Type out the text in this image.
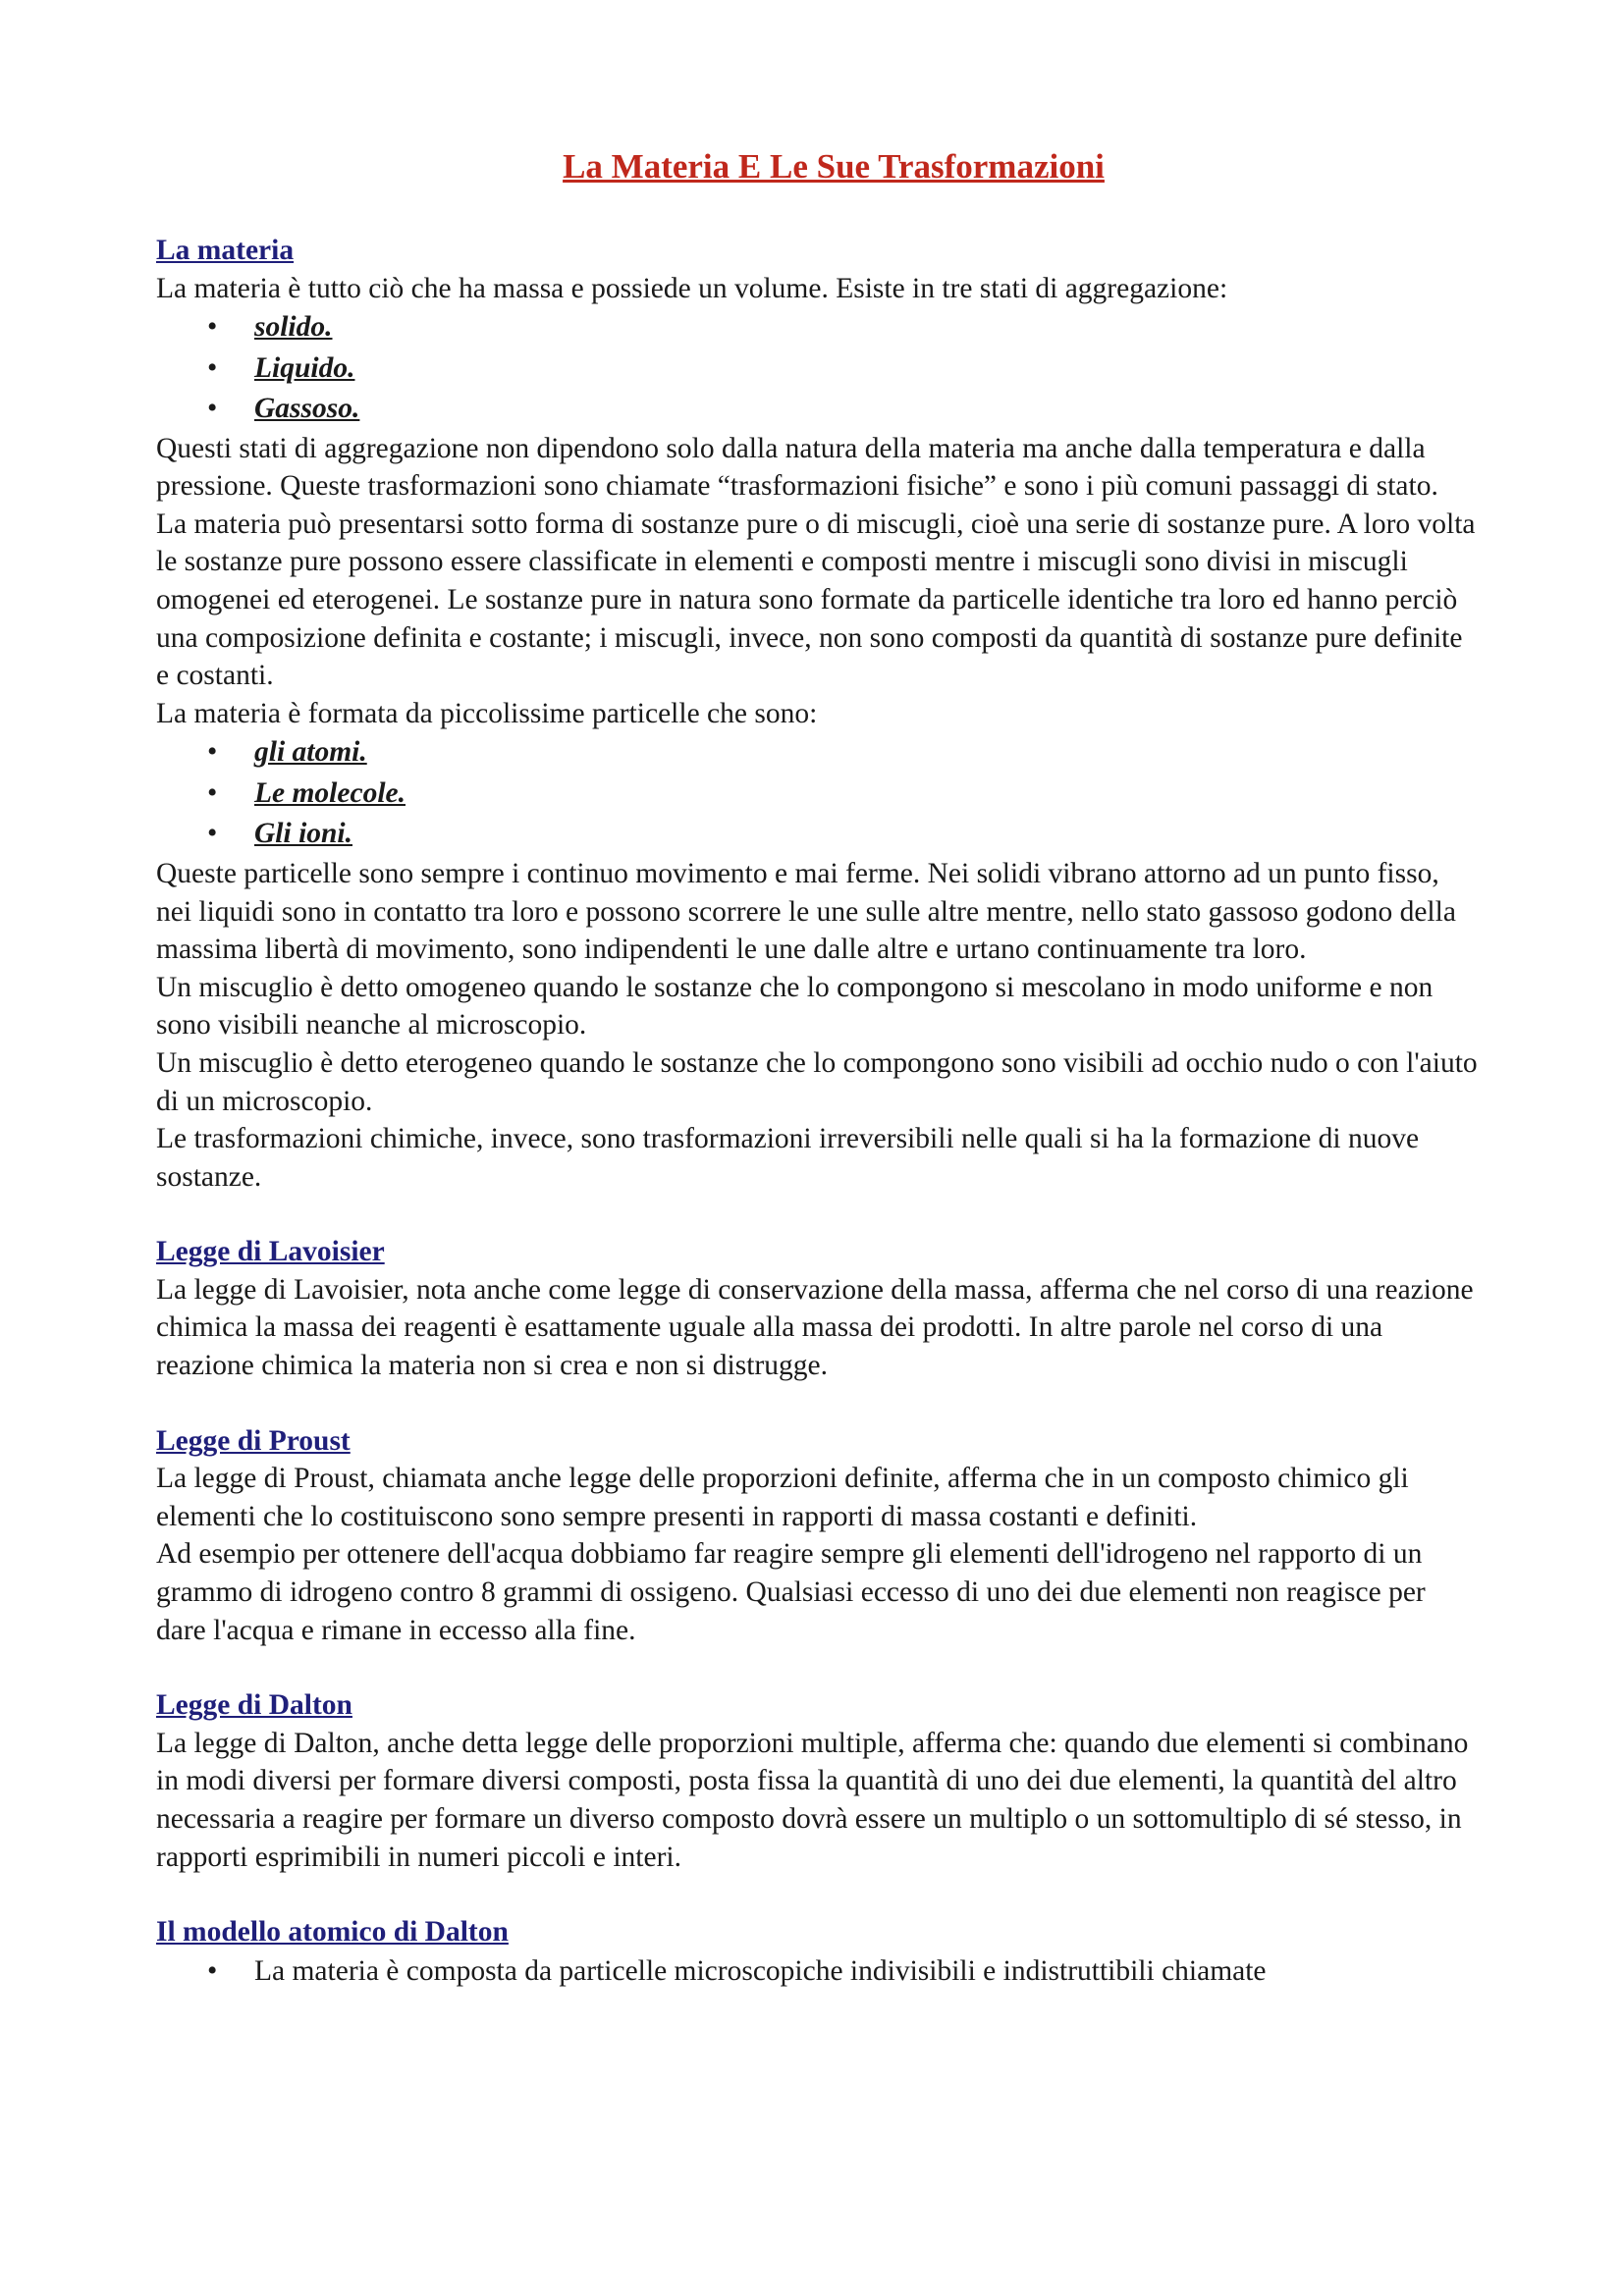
La Materia E Le Sue Trasformazioni
La materia

La materia è tutto ciò che ha massa e possiede un volume. Esiste in tre stati di aggregazione:

• solido.
• Liquido.
• Gassoso.

Questi stati di aggregazione non dipendono solo dalla natura della materia ma anche dalla temperatura e dalla pressione. Queste trasformazioni sono chiamate “trasformazioni fisiche” e sono i più comuni passaggi di stato.

La materia può presentarsi sotto forma di sostanze pure o di miscugli, cioè una serie di sostanze pure. A loro volta le sostanze pure possono essere classificate in elementi e composti mentre i miscugli sono divisi in miscugli omogenei ed eterogenei. Le sostanze pure in natura sono formate da particelle identiche tra loro ed hanno perciò una composizione definita e costante; i miscugli, invece, non sono composti da quantità di sostanze pure definite e costanti.

La materia è formata da piccolissime particelle che sono:

• gli atomi.
• Le molecole.
• Gli ioni.

Queste particelle sono sempre i continuo movimento e mai ferme. Nei solidi vibrano attorno ad un punto fisso, nei liquidi sono in contatto tra loro e possono scorrere le une sulle altre mentre, nello stato gassoso godono della massima libertà di movimento, sono indipendenti le une dalle altre e urtano continuamente tra loro.

Un miscuglio è detto omogeneo quando le sostanze che lo compongono si mescolano in modo uniforme e non sono visibili neanche al microscopio.

Un miscuglio è detto eterogeneo quando le sostanze che lo compongono sono visibili ad occhio nudo o con l'aiuto di un microscopio.

Le trasformazioni chimiche, invece, sono trasformazioni irreversibili nelle quali si ha la formazione di nuove sostanze.

Legge di Lavoisier

La legge di Lavoisier, nota anche come legge di conservazione della massa, afferma che nel corso di una reazione chimica la massa dei reagenti è esattamente uguale alla massa dei prodotti. In altre parole nel corso di una reazione chimica la materia non si crea e non si distrugge.

Legge di Proust

La legge di Proust, chiamata anche legge delle proporzioni definite, afferma che in un composto chimico gli elementi che lo costituiscono sono sempre presenti in rapporti di massa costanti e definiti.

Ad esempio per ottenere dell'acqua dobbiamo far reagire sempre gli elementi dell'idrogeno nel rapporto di un grammo di idrogeno contro 8 grammi di ossigeno. Qualsiasi eccesso di uno dei due elementi non reagisce per dare l'acqua e rimane in eccesso alla fine.

Legge di Dalton

La legge di Dalton, anche detta legge delle proporzioni multiple, afferma che: quando due elementi si combinano in modi diversi per formare diversi composti, posta fissa la quantità di uno dei due elementi, la quantità del altro necessaria a reagire per formare un diverso composto dovrà essere un multiplo o un sottomultiplo di sé stesso, in rapporti esprimibili in numeri piccoli e interi.

Il modello atomico di Dalton
• La materia è composta da particelle microscopiche indivisibili e indistruttibili chiamate
